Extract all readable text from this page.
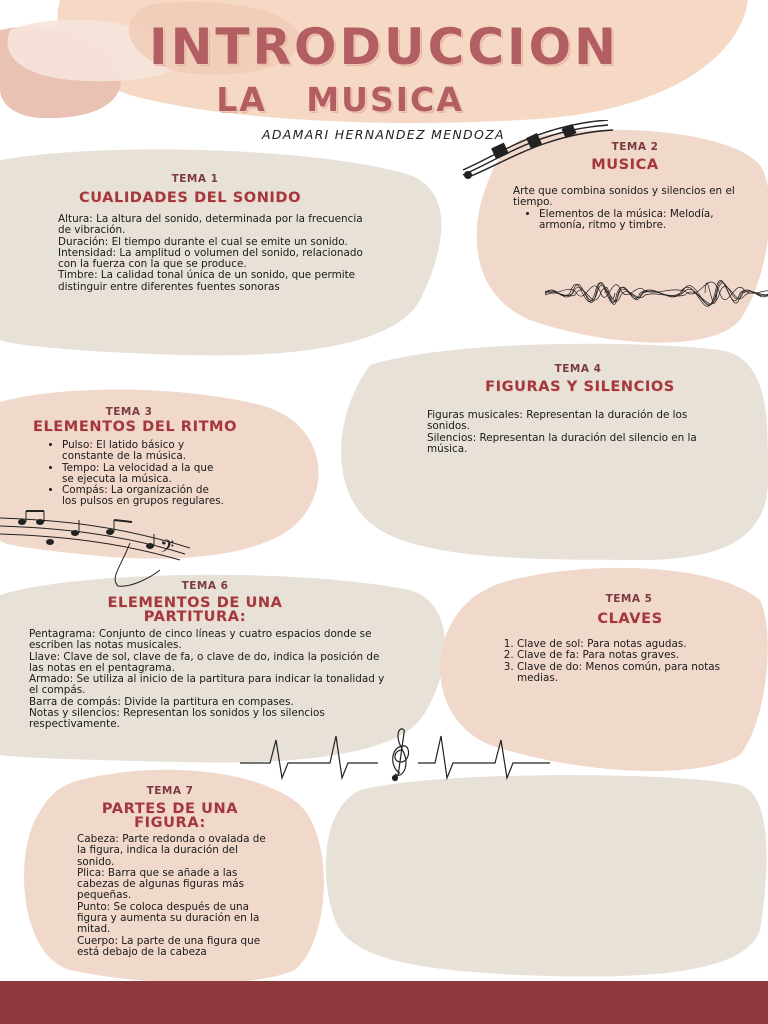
INTRODUCCION
LA MUSICA
ADAMARI HERNANDEZ MENDOZA
TEMA 1
CUALIDADES DEL SONIDO

Altura: La altura del sonido, determinada por la frecuencia de vibración.

Duración: El tiempo durante el cual se emite un sonido.

Intensidad: La amplitud o volumen del sonido, relacionado con la fuerza con la que se produce.

Timbre: La calidad tonal única de un sonido, que permite distinguir entre diferentes fuentes sonoras

TEMA 2
MUSICA

Arte que combina sonidos y silencios en el tiempo.

• Elementos de la música: Melodía, armonía, ritmo y timbre.
TEMA 4
FIGURAS Y SILENCIOS

Figuras musicales: Representan la duración de los sonidos.

Silencios: Representan la duración del silencio en la música.

TEMA 3
ELEMENTOS DEL RITMO
• Pulso: El latido básico y constante de la música.
• Tempo: La velocidad a la que se ejecuta la música.
• Compás: La organización de los pulsos en grupos regulares.
𝄢
TEMA 6
ELEMENTOS DE UNA
PARTITURA:

Pentagrama: Conjunto de cinco líneas y cuatro espacios donde se escriben las notas musicales.

Llave: Clave de sol, clave de fa, o clave de do, indica la posición de las notas en el pentagrama.

Armado: Se utiliza al inicio de la partitura para indicar la tonalidad y el compás.

Barra de compás: Divide la partitura en compases.

Notas y silencios: Representan los sonidos y los silencios respectivamente.

TEMA 5
CLAVES
1. Clave de sol: Para notas agudas.
2. Clave de fa: Para notas graves.
3. Clave de do: Menos común, para notas medias.
TEMA 7
PARTES DE UNA
FIGURA:

Cabeza: Parte redonda o ovalada de la figura, indica la duración del sonido.

Plica: Barra que se añade a las cabezas de algunas figuras más pequeñas.

Punto: Se coloca después de una figura y aumenta su duración en la mitad.

Cuerpo: La parte de una figura que está debajo de la cabeza
